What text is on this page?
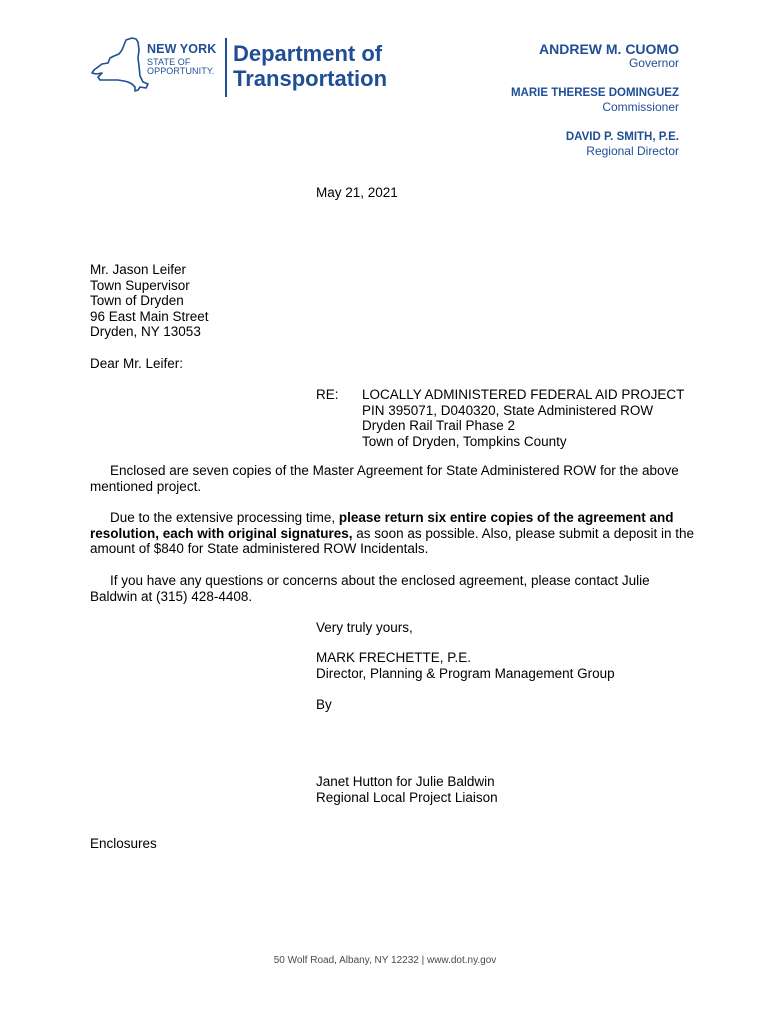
NEW YORK
STATE OF
OPPORTUNITY.
Department of
Transportation
ANDREW M. CUOMO
Governor
MARIE THERESE DOMINGUEZ
Commissioner
DAVID P. SMITH, P.E.
Regional Director
May 21, 2021
Mr. Jason Leifer
Town Supervisor
Town of Dryden
96 East Main Street
Dryden, NY 13053
Dear Mr. Leifer:
RE: LOCALLY ADMINISTERED FEDERAL AID PROJECT
PIN 395071, D040320, State Administered ROW
Dryden Rail Trail Phase 2
Town of Dryden, Tompkins County
Enclosed are seven copies of the Master Agreement for State Administered ROW for the above mentioned project.
Due to the extensive processing time, please return six entire copies of the agreement and resolution, each with original signatures, as soon as possible. Also, please submit a deposit in the amount of $840 for State administered ROW Incidentals.
If you have any questions or concerns about the enclosed agreement, please contact Julie Baldwin at (315) 428-4408.
Very truly yours,
MARK FRECHETTE, P.E.
Director, Planning & Program Management Group
By
Janet Hutton for Julie Baldwin
Regional Local Project Liaison
Enclosures
50 Wolf Road, Albany, NY 12232 | www.dot.ny.gov
